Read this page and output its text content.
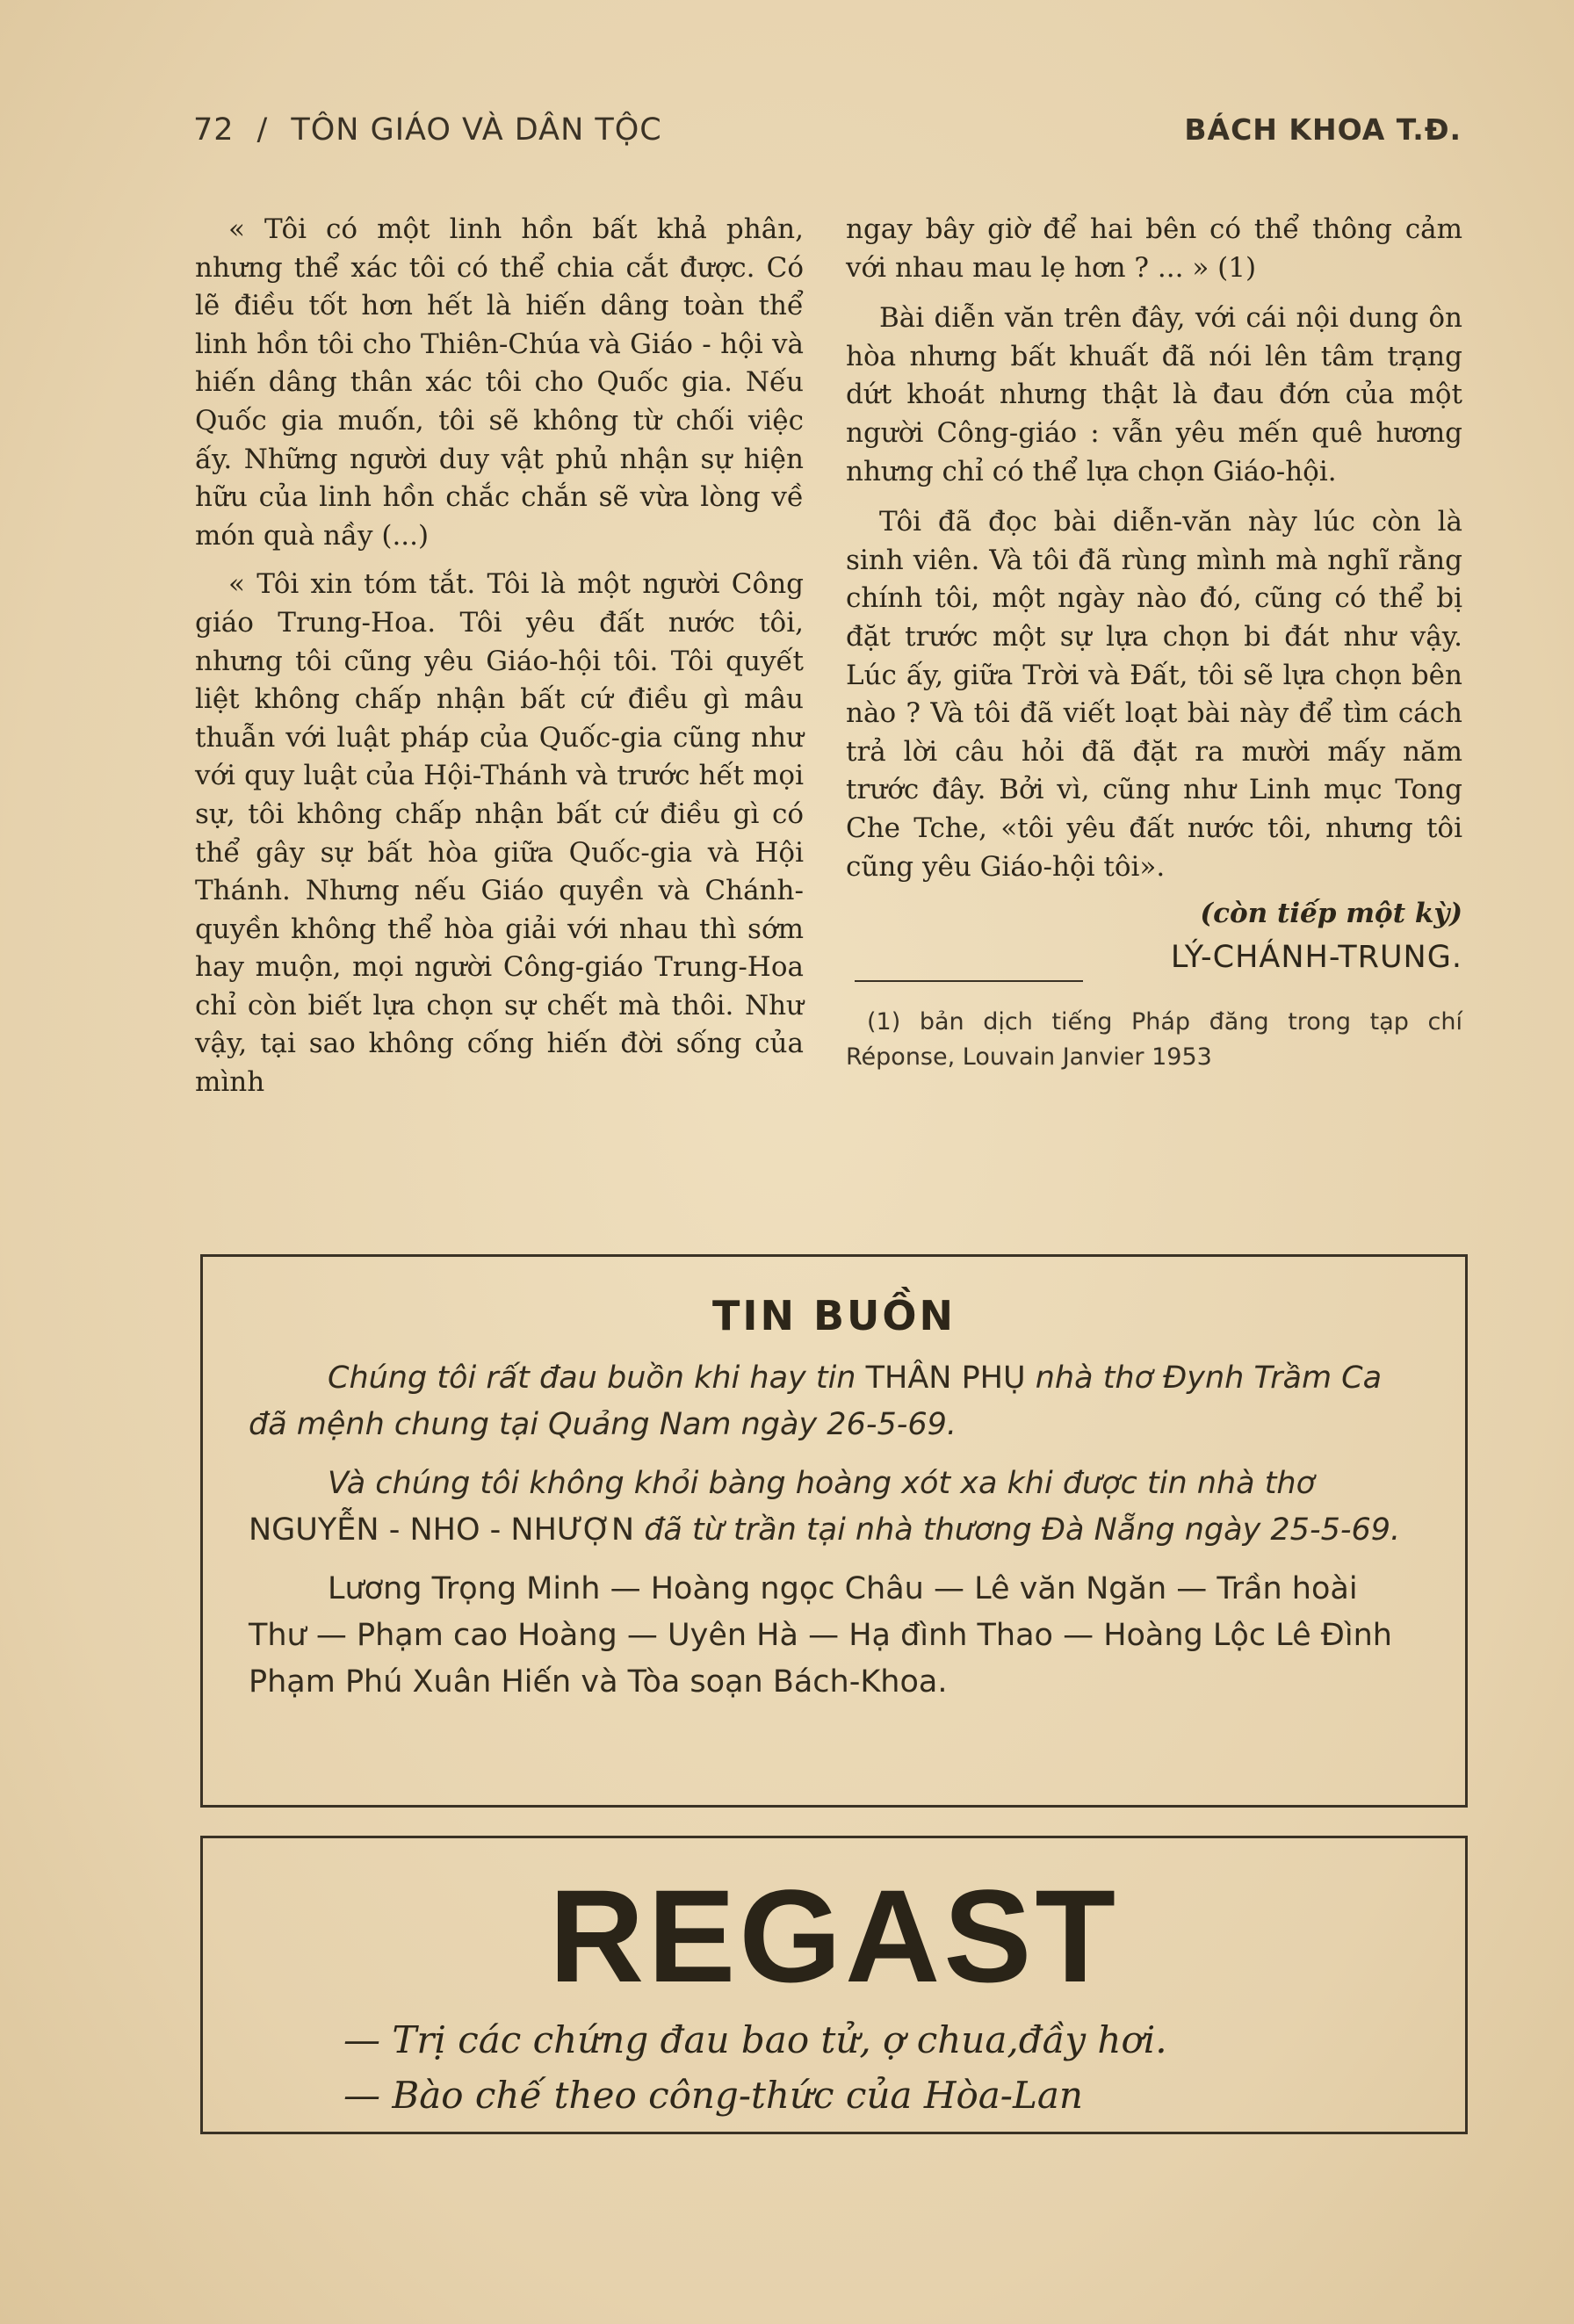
72 / TÔN GIÁO VÀ DÂN TỘC	BÁCH KHOA T.Đ.

« Tôi có một linh hồn bất khả phân, nhưng thể xác tôi có thể chia cắt được. Có lẽ điều tốt hơn hết là hiến dâng toàn thể linh hồn tôi cho Thiên-Chúa và Giáo - hội và hiến dâng thân xác tôi cho Quốc gia. Nếu Quốc gia muốn, tôi sẽ không từ chối việc ấy. Những người duy vật phủ nhận sự hiện hữu của linh hồn chắc chắn sẽ vừa lòng về món quà nầy (...)

« Tôi xin tóm tắt. Tôi là một người Công giáo Trung-Hoa. Tôi yêu đất nước tôi, nhưng tôi cũng yêu Giáo-hội tôi. Tôi quyết liệt không chấp nhận bất cứ điều gì mâu thuẫn với luật pháp của Quốc-gia cũng như với quy luật của Hội-Thánh và trước hết mọi sự, tôi không chấp nhận bất cứ điều gì có thể gây sự bất hòa giữa Quốc-gia và Hội Thánh. Nhưng nếu Giáo quyền và Chánh-quyền không thể hòa giải với nhau thì sớm hay muộn, mọi người Công-giáo Trung-Hoa chỉ còn biết lựa chọn sự chết mà thôi. Như vậy, tại sao không cống hiến đời sống của mình

ngay bây giờ để hai bên có thể thông cảm với nhau mau lẹ hơn ? ... » (1)

Bài diễn văn trên đây, với cái nội dung ôn hòa nhưng bất khuất đã nói lên tâm trạng dứt khoát nhưng thật là đau đớn của một người Công-giáo : vẫn yêu mến quê hương nhưng chỉ có thể lựa chọn Giáo-hội.

Tôi đã đọc bài diễn-văn này lúc còn là sinh viên. Và tôi đã rùng mình mà nghĩ rằng chính tôi, một ngày nào đó, cũng có thể bị đặt trước một sự lựa chọn bi đát như vậy. Lúc ấy, giữa Trời và Đất, tôi sẽ lựa chọn bên nào ? Và tôi đã viết loạt bài này để tìm cách trả lời câu hỏi đã đặt ra mười mấy năm trước đây. Bởi vì, cũng như Linh mục Tong Che Tche, «tôi yêu đất nước tôi, nhưng tôi cũng yêu Giáo-hội tôi».

(còn tiếp một kỳ)

LÝ-CHÁNH-TRUNG.

(1) bản dịch tiếng Pháp đăng trong tạp chí Réponse, Louvain Janvier 1953

TIN BUỒN

Chúng tôi rất đau buồn khi hay tin THÂN PHỤ nhà thơ Đynh Trầm Ca đã mệnh chung tại Quảng Nam ngày 26-5-69.

Và chúng tôi không khỏi bàng hoàng xót xa khi được tin nhà thơ NGUYỄN - NHO - NHƯỢN đã từ trần tại nhà thương Đà Nẵng ngày 25-5-69.

Lương Trọng Minh — Hoàng ngọc Châu — Lê văn Ngăn — Trần hoài Thư — Phạm cao Hoàng — Uyên Hà — Hạ đình Thao — Hoàng Lộc Lê Đình Phạm Phú Xuân Hiến và Tòa soạn Bách-Khoa.

REGAST
— Trị các chứng đau bao tử, ợ chua,đầy hơi.
— Bào chế theo công-thức của Hòa-Lan
